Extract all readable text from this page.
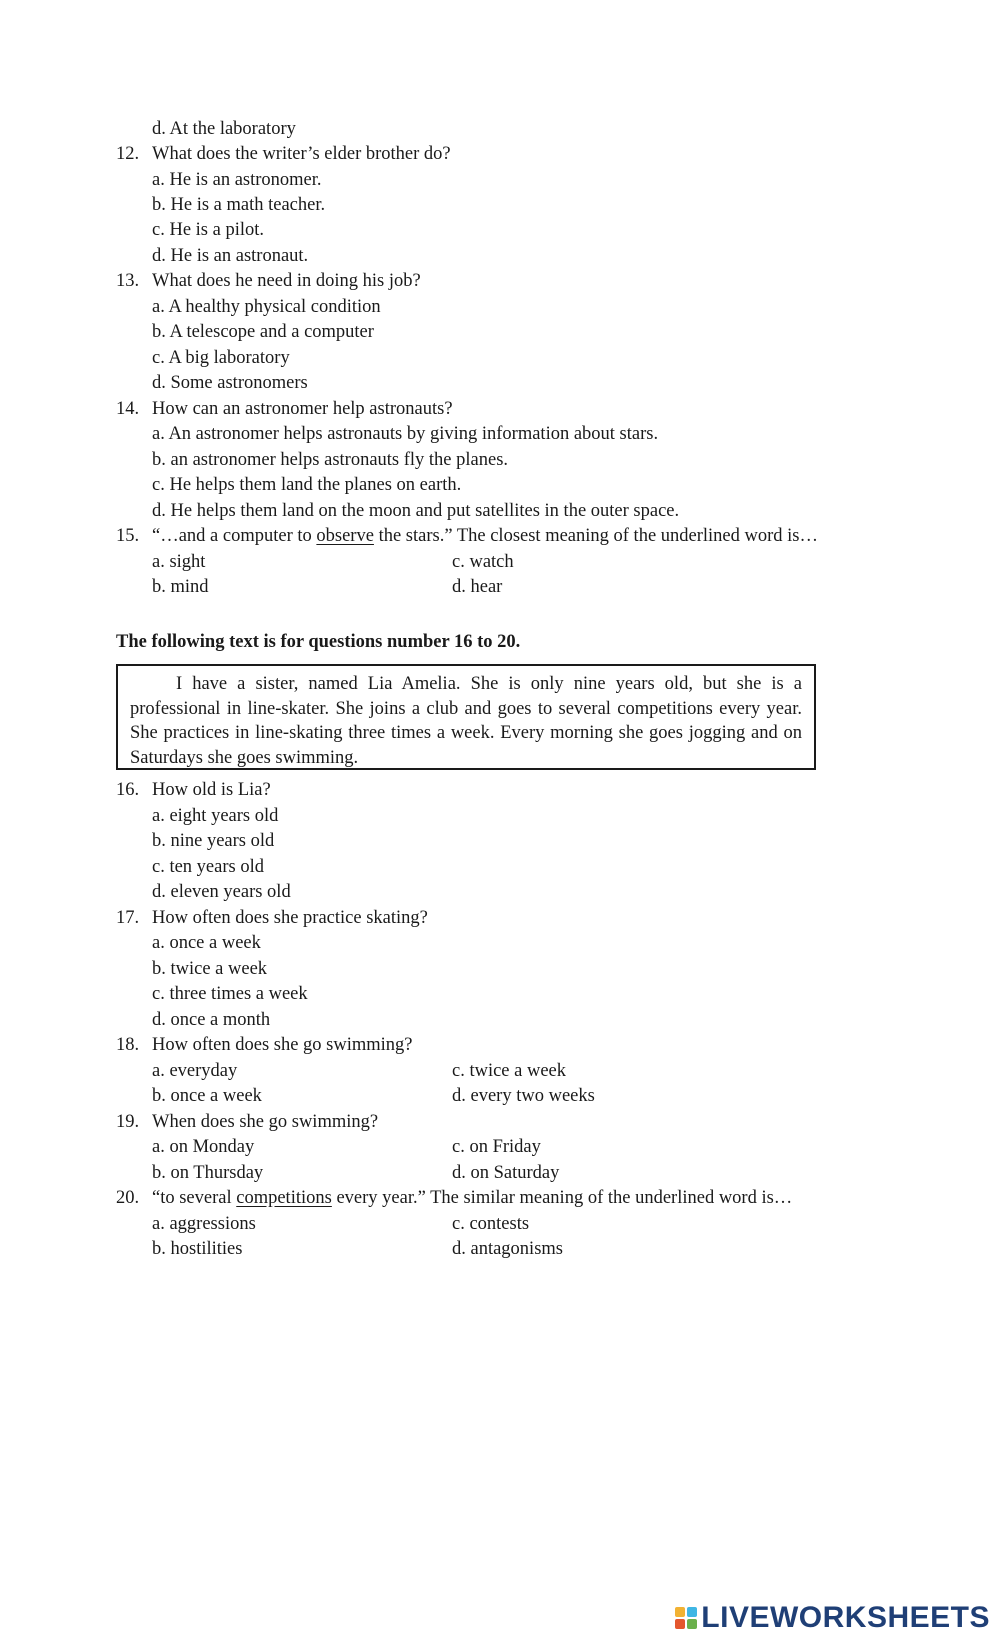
d. At the laboratory
12. What does the writer’s elder brother do?
a. He is an astronomer.
b. He is a math teacher.
c. He is a pilot.
d. He is an astronaut.
13. What does he need in doing his job?
a. A healthy physical condition
b. A telescope and a computer
c. A big laboratory
d. Some astronomers
14. How can an astronomer help astronauts?
a. An astronomer helps astronauts by giving information about stars.
b. an astronomer helps astronauts fly the planes.
c. He helps them land the planes on earth.
d. He helps them land on the moon and put satellites in the outer space.
15. “…and a computer to observe the stars.” The closest meaning of the underlined word is…
a. sight	c. watch
b. mind	d. hear
The following text is for questions number 16 to 20.
I have a sister, named Lia Amelia. She is only nine years old, but she is a professional in line-skater. She joins a club and goes to several competitions every year. She practices in line-skating three times a week. Every morning she goes jogging and on Saturdays she goes swimming.
16. How old is Lia?
a. eight years old
b. nine years old
c. ten years old
d. eleven years old
17. How often does she practice skating?
a. once a week
b. twice a week
c. three times a week
d. once a month
18. How often does she go swimming?
a. everyday	c. twice a week
b. once a week	d. every two weeks
19. When does she go swimming?
a. on Monday	c. on Friday
b. on Thursday	d. on Saturday
20. “to several competitions every year.” The similar meaning of the underlined word is…
a. aggressions	c. contests
b. hostilities	d. antagonisms
LIVEWORKSHEETS
